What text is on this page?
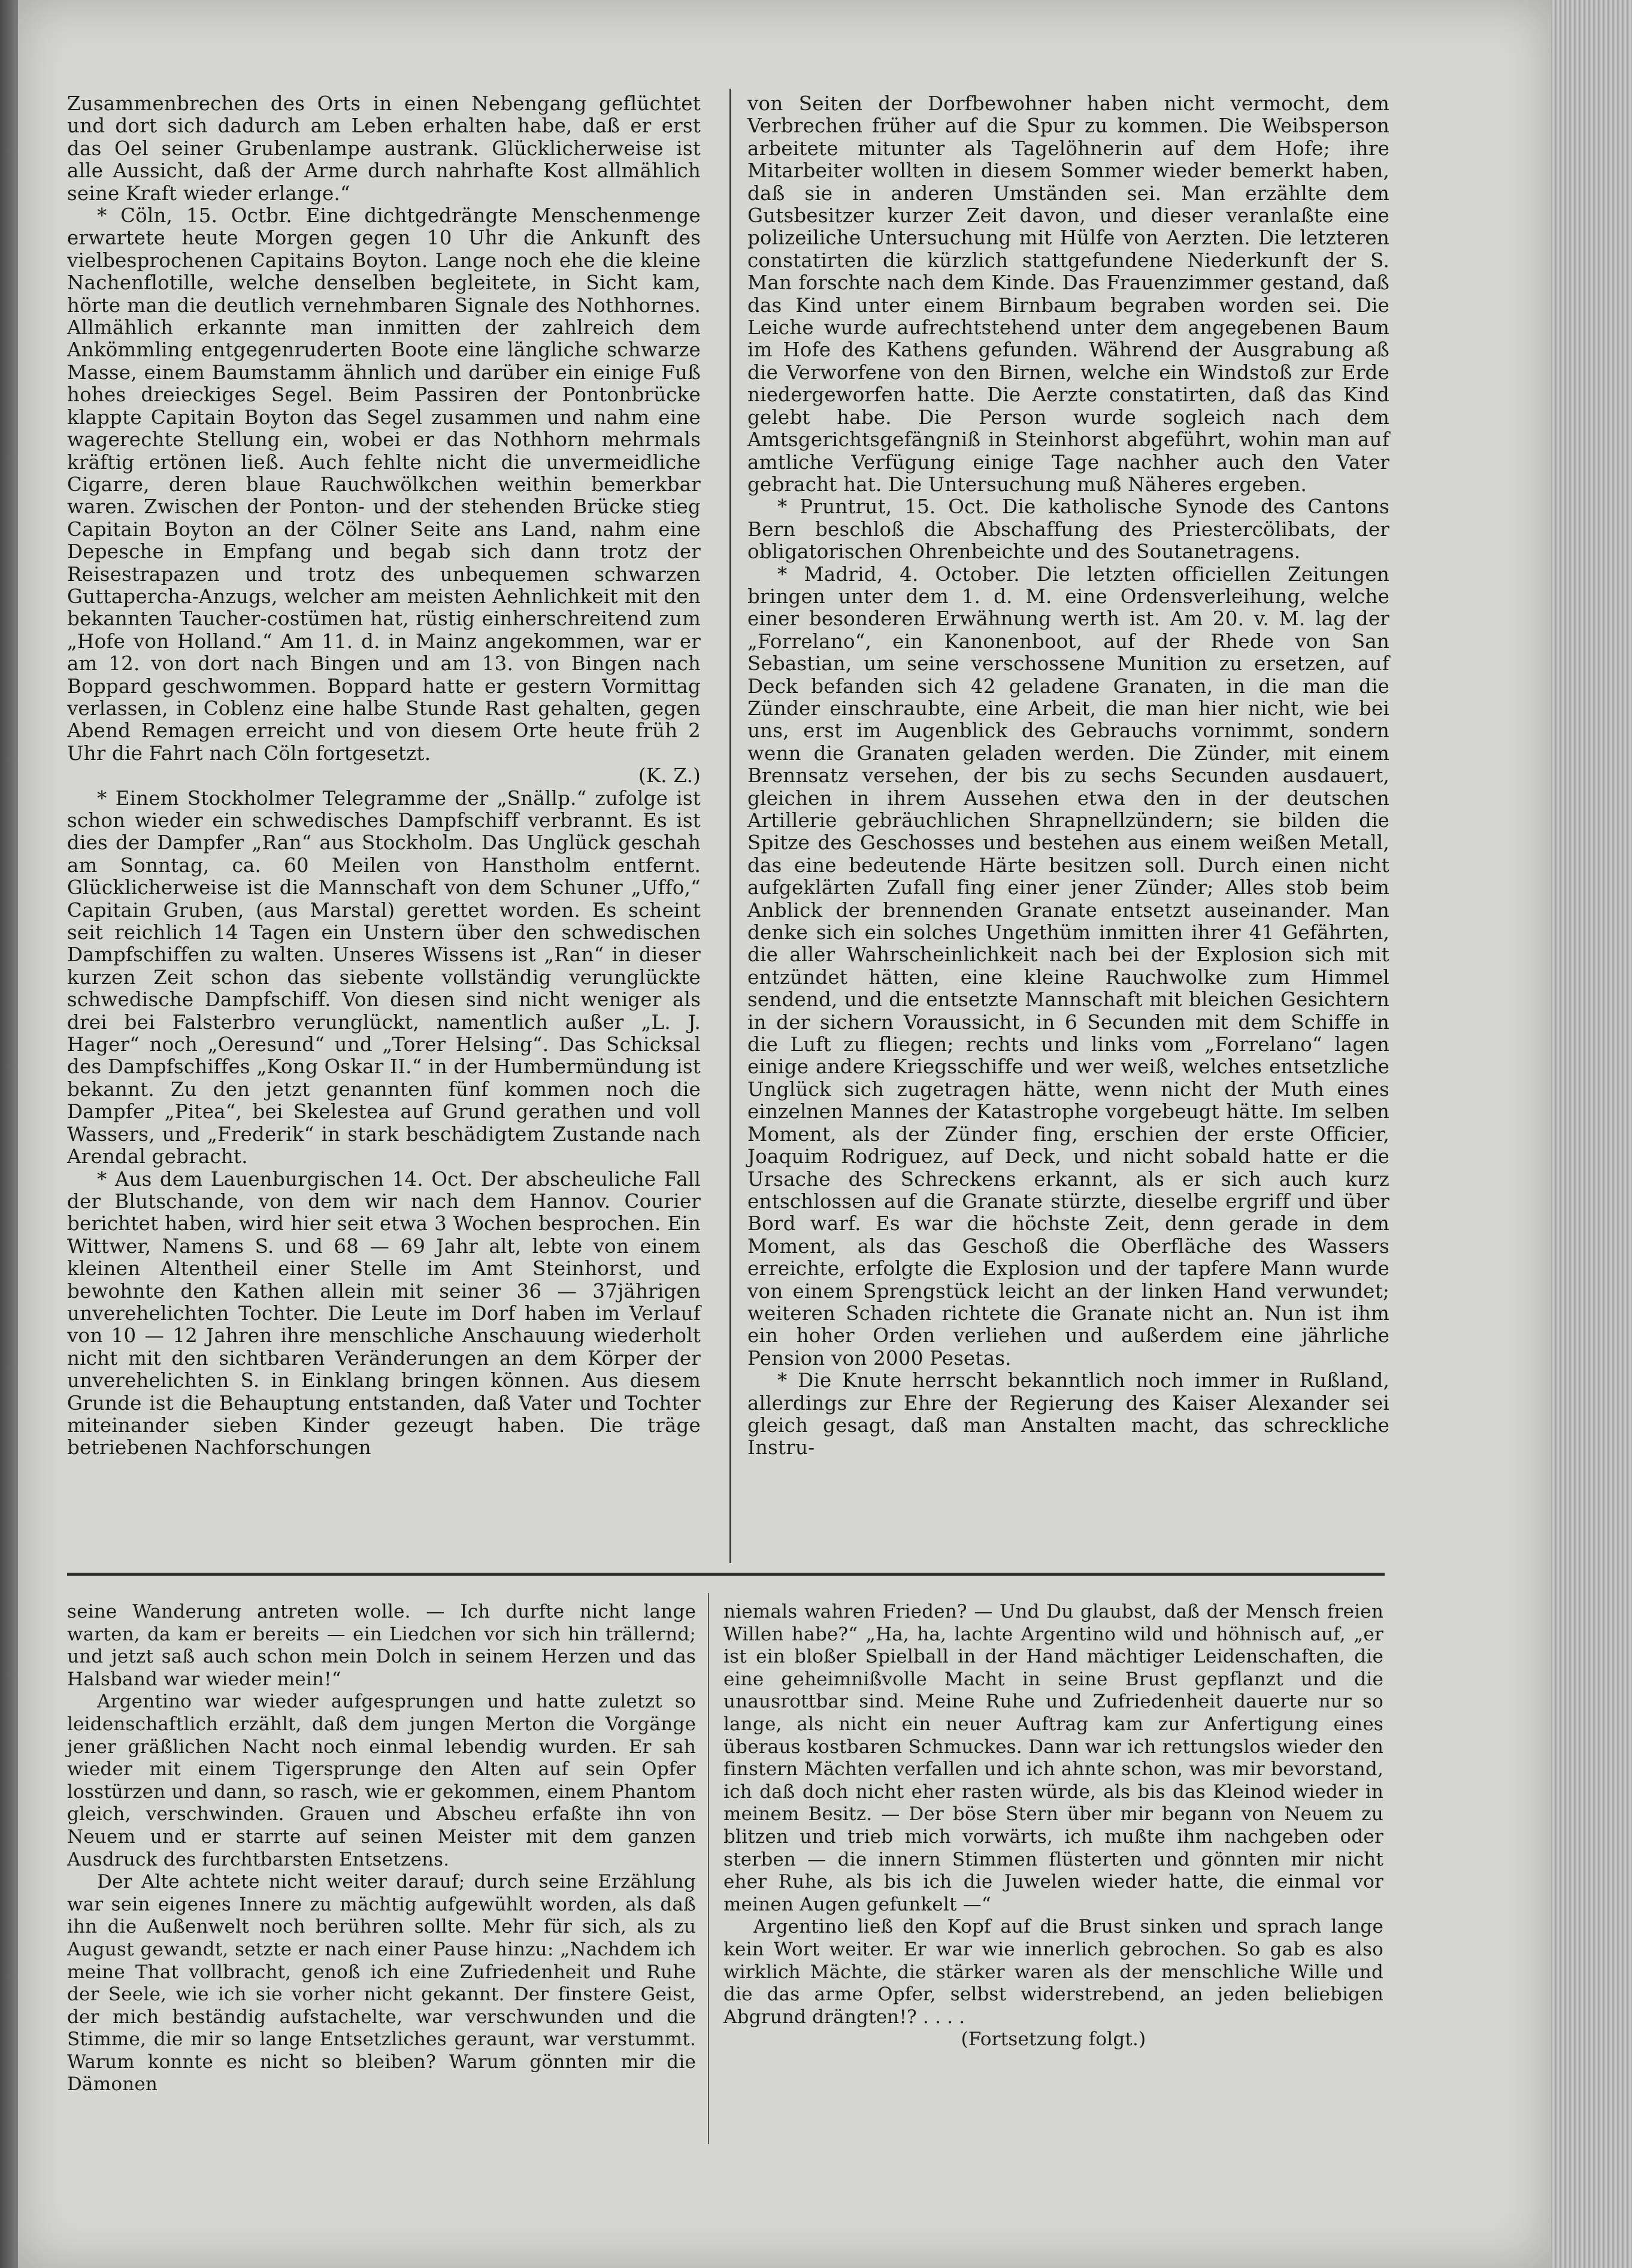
Zusammenbrechen des Orts in einen Nebengang geflüchtet und dort sich dadurch am Leben erhalten habe, daß er erst das Oel seiner Grubenlampe austrank. Glücklicherweise ist alle Aussicht, daß der Arme durch nahrhafte Kost allmählich seine Kraft wieder erlange.“

* Cöln, 15. Octbr. Eine dichtgedrängte Menschenmenge erwartete heute Morgen gegen 10 Uhr die Ankunft des vielbesprochenen Capitains Boyton. Lange noch ehe die kleine Nachenflotille, welche denselben begleitete, in Sicht kam, hörte man die deutlich vernehmbaren Signale des Nothhornes. Allmählich erkannte man inmitten der zahlreich dem Ankömmling entgegenruderten Boote eine längliche schwarze Masse, einem Baumstamm ähnlich und darüber ein einige Fuß hohes dreieckiges Segel. Beim Passiren der Pontonbrücke klappte Capitain Boyton das Segel zusammen und nahm eine wagerechte Stellung ein, wobei er das Nothhorn mehrmals kräftig ertönen ließ. Auch fehlte nicht die unvermeidliche Cigarre, deren blaue Rauchwölkchen weithin bemerkbar waren. Zwischen der Ponton- und der stehenden Brücke stieg Capitain Boyton an der Cölner Seite ans Land, nahm eine Depesche in Empfang und begab sich dann trotz der Reisestrapazen und trotz des unbequemen schwarzen Guttapercha-Anzugs, welcher am meisten Aehnlichkeit mit den bekannten Taucher-costümen hat, rüstig einherschreitend zum „Hofe von Holland.“ Am 11. d. in Mainz angekommen, war er am 12. von dort nach Bingen und am 13. von Bingen nach Boppard geschwommen. Boppard hatte er gestern Vormittag verlassen, in Coblenz eine halbe Stunde Rast gehalten, gegen Abend Remagen erreicht und von diesem Orte heute früh 2 Uhr die Fahrt nach Cöln fortgesetzt.

(K. Z.)

* Einem Stockholmer Telegramme der „Snällp.“ zufolge ist schon wieder ein schwedisches Dampfschiff verbrannt. Es ist dies der Dampfer „Ran“ aus Stockholm. Das Unglück geschah am Sonntag, ca. 60 Meilen von Hanstholm entfernt. Glücklicherweise ist die Mannschaft von dem Schuner „Uffo,“ Capitain Gruben, (aus Marstal) gerettet worden. Es scheint seit reichlich 14 Tagen ein Unstern über den schwedischen Dampfschiffen zu walten. Unseres Wissens ist „Ran“ in dieser kurzen Zeit schon das siebente vollständig verunglückte schwedische Dampfschiff. Von diesen sind nicht weniger als drei bei Falsterbro verunglückt, namentlich außer „L. J. Hager“ noch „Oeresund“ und „Torer Helsing“. Das Schicksal des Dampfschiffes „Kong Oskar II.“ in der Humbermündung ist bekannt. Zu den jetzt genannten fünf kommen noch die Dampfer „Pitea“, bei Skelestea auf Grund gerathen und voll Wassers, und „Frederik“ in stark beschädigtem Zustande nach Arendal gebracht.

* Aus dem Lauenburgischen 14. Oct. Der abscheuliche Fall der Blutschande, von dem wir nach dem Hannov. Courier berichtet haben, wird hier seit etwa 3 Wochen besprochen. Ein Wittwer, Namens S. und 68 — 69 Jahr alt, lebte von einem kleinen Altentheil einer Stelle im Amt Steinhorst, und bewohnte den Kathen allein mit seiner 36 — 37jährigen unverehelichten Tochter. Die Leute im Dorf haben im Verlauf von 10 — 12 Jahren ihre menschliche Anschauung wiederholt nicht mit den sichtbaren Veränderungen an dem Körper der unverehelichten S. in Einklang bringen können. Aus diesem Grunde ist die Behauptung entstanden, daß Vater und Tochter miteinander sieben Kinder gezeugt haben. Die träge betriebenen Nachforschungen

von Seiten der Dorfbewohner haben nicht vermocht, dem Verbrechen früher auf die Spur zu kommen. Die Weibsperson arbeitete mitunter als Tagelöhnerin auf dem Hofe; ihre Mitarbeiter wollten in diesem Sommer wieder bemerkt haben, daß sie in anderen Umständen sei. Man erzählte dem Gutsbesitzer kurzer Zeit davon, und dieser veranlaßte eine polizeiliche Untersuchung mit Hülfe von Aerzten. Die letzteren constatirten die kürzlich stattgefundene Niederkunft der S. Man forschte nach dem Kinde. Das Frauenzimmer gestand, daß das Kind unter einem Birnbaum begraben worden sei. Die Leiche wurde aufrechtstehend unter dem angegebenen Baum im Hofe des Kathens gefunden. Während der Ausgrabung aß die Verworfene von den Birnen, welche ein Windstoß zur Erde niedergeworfen hatte. Die Aerzte constatirten, daß das Kind gelebt habe. Die Person wurde sogleich nach dem Amtsgerichtsgefängniß in Steinhorst abgeführt, wohin man auf amtliche Verfügung einige Tage nachher auch den Vater gebracht hat. Die Untersuchung muß Näheres ergeben.

* Pruntrut, 15. Oct. Die katholische Synode des Cantons Bern beschloß die Abschaffung des Priestercölibats, der obligatorischen Ohrenbeichte und des Soutanetragens.

* Madrid, 4. October. Die letzten officiellen Zeitungen bringen unter dem 1. d. M. eine Ordensverleihung, welche einer besonderen Erwähnung werth ist. Am 20. v. M. lag der „Forrelano“, ein Kanonenboot, auf der Rhede von San Sebastian, um seine verschossene Munition zu ersetzen, auf Deck befanden sich 42 geladene Granaten, in die man die Zünder einschraubte, eine Arbeit, die man hier nicht, wie bei uns, erst im Augenblick des Gebrauchs vornimmt, sondern wenn die Granaten geladen werden. Die Zünder, mit einem Brennsatz versehen, der bis zu sechs Secunden ausdauert, gleichen in ihrem Aussehen etwa den in der deutschen Artillerie gebräuchlichen Shrapnellzündern; sie bilden die Spitze des Geschosses und bestehen aus einem weißen Metall, das eine bedeutende Härte besitzen soll. Durch einen nicht aufgeklärten Zufall fing einer jener Zünder; Alles stob beim Anblick der brennenden Granate entsetzt auseinander. Man denke sich ein solches Ungethüm inmitten ihrer 41 Gefährten, die aller Wahrscheinlichkeit nach bei der Explosion sich mit entzündet hätten, eine kleine Rauchwolke zum Himmel sendend, und die entsetzte Mannschaft mit bleichen Gesichtern in der sichern Voraussicht, in 6 Secunden mit dem Schiffe in die Luft zu fliegen; rechts und links vom „Forrelano“ lagen einige andere Kriegsschiffe und wer weiß, welches entsetzliche Unglück sich zugetragen hätte, wenn nicht der Muth eines einzelnen Mannes der Katastrophe vorgebeugt hätte. Im selben Moment, als der Zünder fing, erschien der erste Officier, Joaquim Rodriguez, auf Deck, und nicht sobald hatte er die Ursache des Schreckens erkannt, als er sich auch kurz entschlossen auf die Granate stürzte, dieselbe ergriff und über Bord warf. Es war die höchste Zeit, denn gerade in dem Moment, als das Geschoß die Oberfläche des Wassers erreichte, erfolgte die Explosion und der tapfere Mann wurde von einem Sprengstück leicht an der linken Hand verwundet; weiteren Schaden richtete die Granate nicht an. Nun ist ihm ein hoher Orden verliehen und außerdem eine jährliche Pension von 2000 Pesetas.

* Die Knute herrscht bekanntlich noch immer in Rußland, allerdings zur Ehre der Regierung des Kaiser Alexander sei gleich gesagt, daß man Anstalten macht, das schreckliche Instru-

seine Wanderung antreten wolle. — Ich durfte nicht lange warten, da kam er bereits — ein Liedchen vor sich hin trällernd; und jetzt saß auch schon mein Dolch in seinem Herzen und das Halsband war wieder mein!“

Argentino war wieder aufgesprungen und hatte zuletzt so leidenschaftlich erzählt, daß dem jungen Merton die Vorgänge jener gräßlichen Nacht noch einmal lebendig wurden. Er sah wieder mit einem Tigersprunge den Alten auf sein Opfer losstürzen und dann, so rasch, wie er gekommen, einem Phantom gleich, verschwinden. Grauen und Abscheu erfaßte ihn von Neuem und er starrte auf seinen Meister mit dem ganzen Ausdruck des furchtbarsten Entsetzens.

Der Alte achtete nicht weiter darauf; durch seine Erzählung war sein eigenes Innere zu mächtig aufgewühlt worden, als daß ihn die Außenwelt noch berühren sollte. Mehr für sich, als zu August gewandt, setzte er nach einer Pause hinzu: „Nachdem ich meine That vollbracht, genoß ich eine Zufriedenheit und Ruhe der Seele, wie ich sie vorher nicht gekannt. Der finstere Geist, der mich beständig aufstachelte, war verschwunden und die Stimme, die mir so lange Entsetzliches geraunt, war verstummt. Warum konnte es nicht so bleiben? Warum gönnten mir die Dämonen

niemals wahren Frieden? — Und Du glaubst, daß der Mensch freien Willen habe?“ „Ha, ha, lachte Argentino wild und höhnisch auf, „er ist ein bloßer Spielball in der Hand mächtiger Leidenschaften, die eine geheimnißvolle Macht in seine Brust gepflanzt und die unausrottbar sind. Meine Ruhe und Zufriedenheit dauerte nur so lange, als nicht ein neuer Auftrag kam zur Anfertigung eines überaus kostbaren Schmuckes. Dann war ich rettungslos wieder den finstern Mächten verfallen und ich ahnte schon, was mir bevorstand, ich daß doch nicht eher rasten würde, als bis das Kleinod wieder in meinem Besitz. — Der böse Stern über mir begann von Neuem zu blitzen und trieb mich vorwärts, ich mußte ihm nachgeben oder sterben — die innern Stimmen flüsterten und gönnten mir nicht eher Ruhe, als bis ich die Juwelen wieder hatte, die einmal vor meinen Augen gefunkelt —“

Argentino ließ den Kopf auf die Brust sinken und sprach lange kein Wort weiter. Er war wie innerlich gebrochen. So gab es also wirklich Mächte, die stärker waren als der menschliche Wille und die das arme Opfer, selbst widerstrebend, an jeden beliebigen Abgrund drängten!? . . . .

(Fortsetzung folgt.)
